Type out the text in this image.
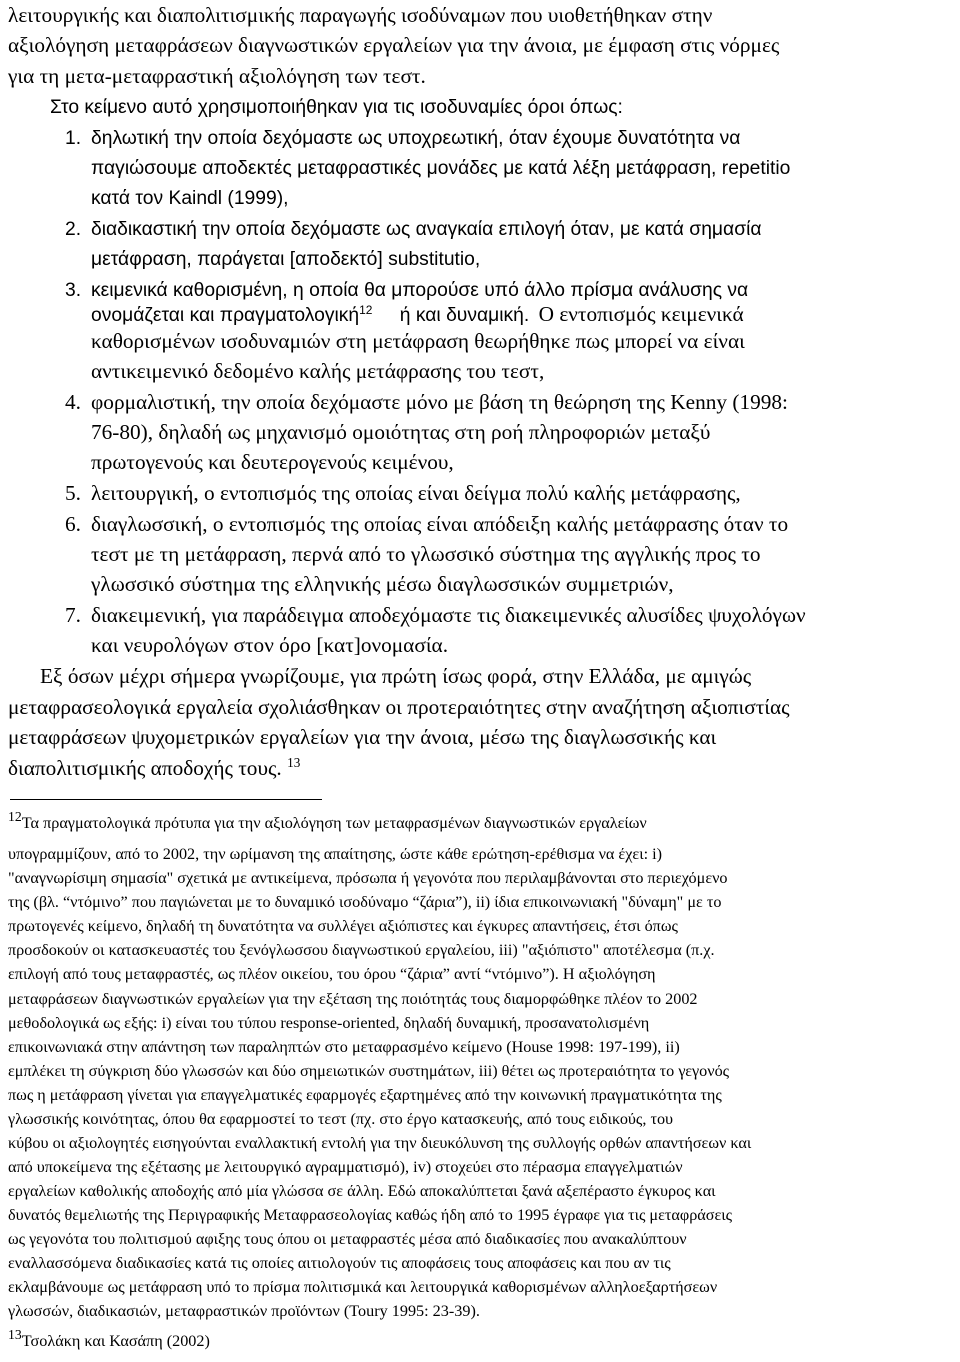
λειτουργικής και διαπολιτισμικής παραγωγής ισοδύναμων που υιοθετήθηκαν στην
αξιολόγηση μεταφράσεων διαγνωστικών εργαλείων για την άνοια, με έμφαση στις νόρμες
για τη μετα-μεταφραστική αξιολόγηση των τεστ.
Στο κείμενο αυτό χρησιμοποιήθηκαν για τις ισοδυναμίες όροι όπως:
1. δηλωτική την οποία δεχόμαστε ως υποχρεωτική, όταν έχουμε δυνατότητα να
παγιώσουμε αποδεκτές μεταφραστικές μονάδες με κατά λέξη μετάφραση, repetitio
κατά τον Kaindl (1999),
2. διαδικαστική την οποία δεχόμαστε ως αναγκαία επιλογή όταν, με κατά σημασία
μετάφραση, παράγεται [αποδεκτό] substitutio,
3. κειμενικά καθορισμένη, η οποία θα μπορούσε υπό άλλο πρίσμα ανάλυσης να
ονομάζεται και πραγματολογική$^{12}$ ή και δυναμική. Ο εντοπισμός κειμενικά
καθορισμένων ισοδυναμιών στη μετάφραση θεωρήθηκε πως μπορεί να είναι
αντικειμενικό δεδομένο καλής μετάφρασης του τεστ,
4. φορμαλιστική, την οποία δεχόμαστε μόνο με βάση τη θεώρηση της Kenny (1998:
76-80), δηλαδή ως μηχανισμό ομοιότητας στη ροή πληροφοριών μεταξύ
πρωτογενούς και δευτερογενούς κειμένου,
5. λειτουργική, ο εντοπισμός της οποίας είναι δείγμα πολύ καλής μετάφρασης,
6. διαγλωσσική, ο εντοπισμός της οποίας είναι απόδειξη καλής μετάφρασης όταν το
τεστ με τη μετάφραση, περνά από το γλωσσικό σύστημα της αγγλικής προς το
γλωσσικό σύστημα της ελληνικής μέσω διαγλωσσικών συμμετριών,
7. διακειμενική, για παράδειγμα αποδεχόμαστε τις διακειμενικές αλυσίδες ψυχολόγων
και νευρολόγων στον όρο [κατ]ονομασία.
Εξ όσων μέχρι σήμερα γνωρίζουμε, για πρώτη ίσως φορά, στην Ελλάδα, με αμιγώς
μεταφρασεολογικά εργαλεία σχολιάσθηκαν οι προτεραιότητες στην αναζήτηση αξιοπιστίας
μεταφράσεων ψυχομετρικών εργαλείων για την άνοια, μέσω της διαγλωσσικής και
διαπολιτισμικής αποδοχής τους. $^{13}$
$^{12}$Τα πραγματολογικά πρότυπα για την αξιολόγηση των μεταφρασμένων διαγνωστικών εργαλείων
υπογραμμίζουν, από το 2002, την ωρίμανση της απαίτησης, ώστε κάθε ερώτηση-ερέθισμα να έχει: i)
"αναγνωρίσιμη σημασία" σχετικά με αντικείμενα, πρόσωπα ή γεγονότα που περιλαμβάνονται στο περιεχόμενο
της (βλ. “ντόμινο” που παγιώνεται με το δυναμικό ισοδύναμο “ζάρια”), ii) ίδια επικοινωνιακή "δύναμη" με το
πρωτογενές κείμενο, δηλαδή τη δυνατότητα να συλλέγει αξιόπιστες και έγκυρες απαντήσεις, έτσι όπως
προσδοκούν οι κατασκευαστές του ξενόγλωσσου διαγνωστικού εργαλείου, iii) "αξιόπιστο" αποτέλεσμα (π.χ.
επιλογή από τους μεταφραστές, ως πλέον οικείου, του όρου “ζάρια” αντί “ντόμινο”). Η αξιολόγηση
μεταφράσεων διαγνωστικών εργαλείων για την εξέταση της ποιότητάς τους διαμορφώθηκε πλέον το 2002
μεθοδολογικά ως εξής: i) είναι του τύπου response-oriented, δηλαδή δυναμική, προσανατολισμένη
επικοινωνιακά στην απάντηση των παραληπτών στο μεταφρασμένο κείμενο (House 1998: 197-199), ii)
εμπλέκει τη σύγκριση δύο γλωσσών και δύο σημειωτικών συστημάτων, iii) θέτει ως προτεραιότητα το γεγονός
πως η μετάφραση γίνεται για επαγγελματικές εφαρμογές εξαρτημένες από την κοινωνική πραγματικότητα της
γλωσσικής κοινότητας, όπου θα εφαρμοστεί το τεστ (πχ. στο έργο κατασκευής, από τους ειδικούς, του
κύβου οι αξιολογητές εισηγούνται εναλλακτική εντολή για την διευκόλυνση της συλλογής ορθών απαντήσεων και
από υποκείμενα της εξέτασης με λειτουργικό αγραμματισμό), iv) στοχεύει στο πέρασμα επαγγελματιών
εργαλείων καθολικής αποδοχής από μία γλώσσα σε άλλη. Εδώ αποκαλύπτεται ξανά αξεπέραστο έγκυρος και
δυνατός θεμελιωτής της Περιγραφικής Μεταφρασεολογίας καθώς ήδη από το 1995 έγραφε για τις μεταφράσεις
ως γεγονότα του πολιτισμού αφιξης τους όπου οι μεταφραστές μέσα από διαδικασίες που ανακαλύπτουν
εναλλασσόμενα διαδικασίες κατά τις οποίες αιτιολογούν τις αποφάσεις τους αποφάσεις και που αν τις
εκλαμβάνουμε ως μετάφραση υπό το πρίσμα πολιτισμικά και λειτουργικά καθορισμένων αλληλοεξαρτήσεων
γλωσσών, διαδικασιών, μεταφραστικών προϊόντων (Toury 1995: 23-39).
$^{13}$Τσολάκη και Κασάπη (2002)
